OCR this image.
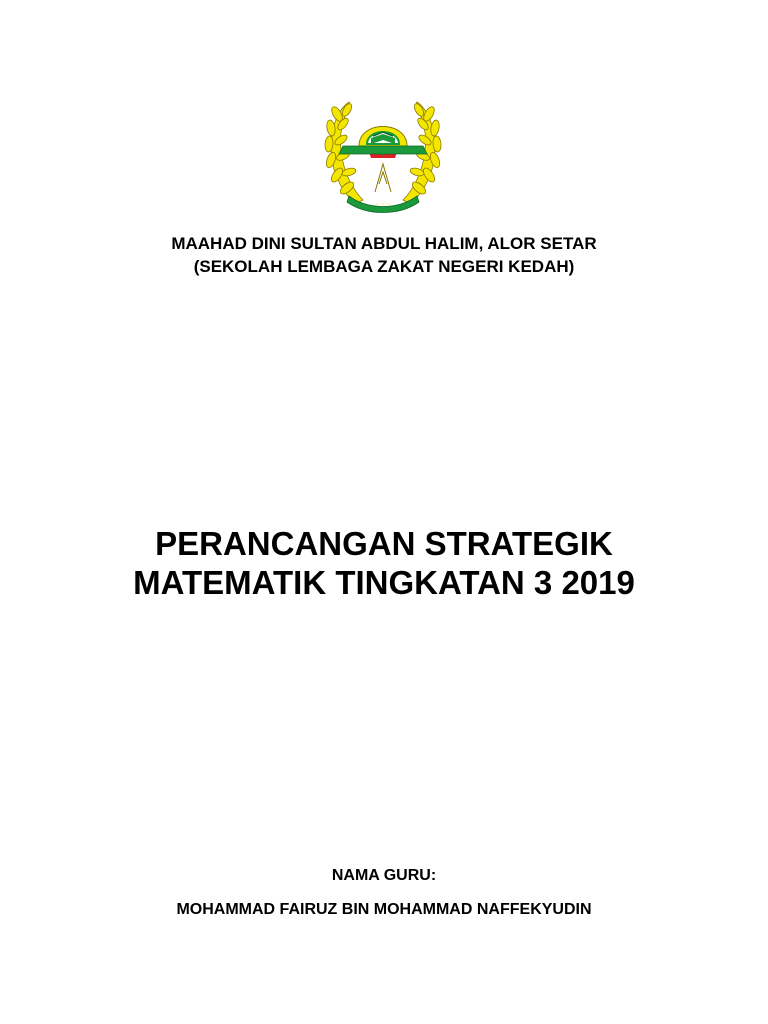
~ ~ ~
MAAHAD DINI SULTAN ABDUL HALIM, ALOR SETAR
(SEKOLAH LEMBAGA ZAKAT NEGERI KEDAH)
PERANCANGAN STRATEGIK
MATEMATIK TINGKATAN 3 2019
NAMA GURU:
MOHAMMAD FAIRUZ BIN MOHAMMAD NAFFEKYUDIN
